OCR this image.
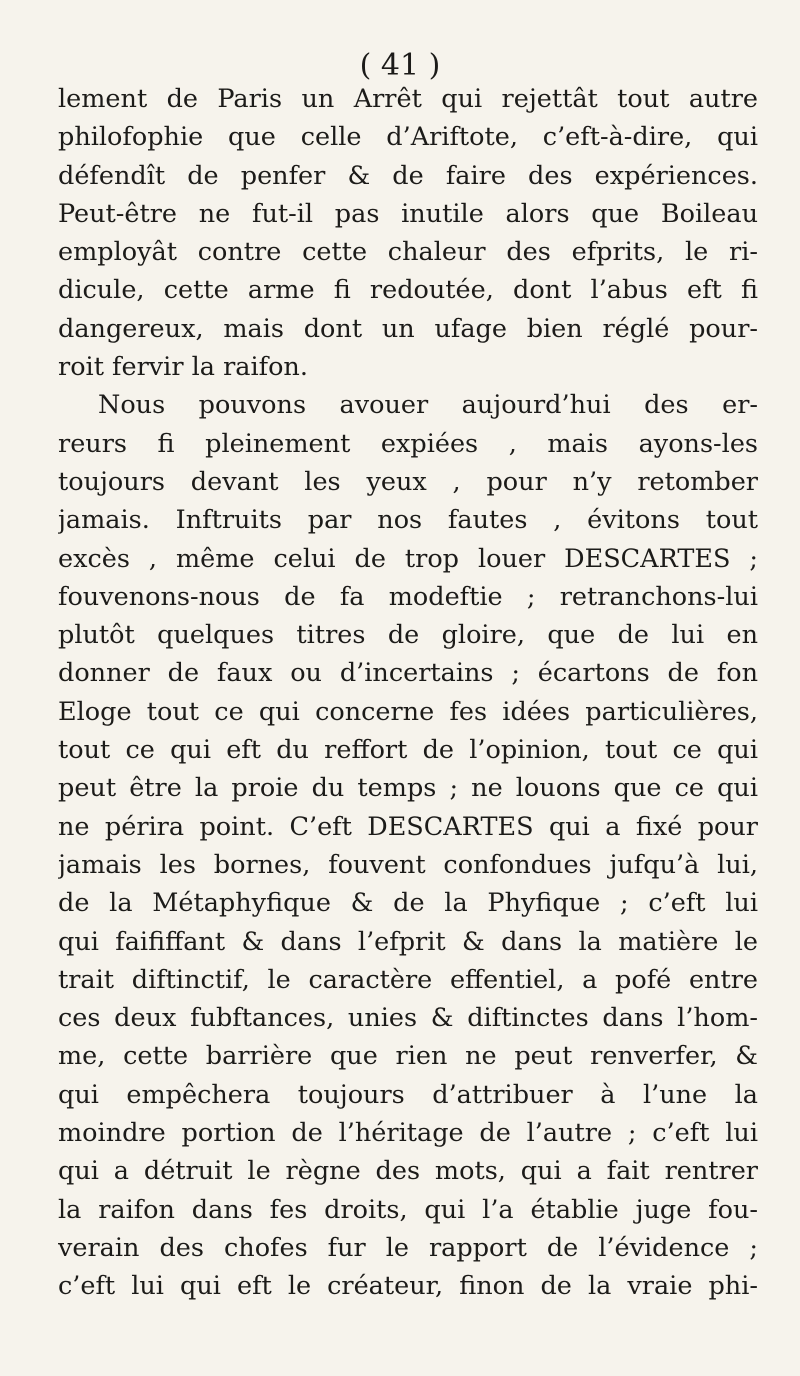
( 41 )
lement de Paris un Arrêt qui rejettât tout autre
philofophie que celle d’Ariftote, c’eft-à-dire, qui
défendît de penfer & de faire des expériences.
Peut-être ne fut-il pas inutile alors que Boileau
employât contre cette chaleur des efprits, le ri-
dicule, cette arme fi redoutée, dont l’abus eft fi
dangereux, mais dont un ufage bien réglé pour-
roit fervir la raifon.
Nous pouvons avouer aujourd’hui des er-
reurs fi pleinement expiées , mais ayons-les
toujours devant les yeux , pour n’y retomber
jamais. Inftruits par nos fautes , évitons tout
excès , même celui de trop louer DESCARTES ;
fouvenons-nous de fa modeftie ; retranchons-lui
plutôt quelques titres de gloire, que de lui en
donner de faux ou d’incertains ; écartons de fon
Eloge tout ce qui concerne fes idées particulières,
tout ce qui eft du reffort de l’opinion, tout ce qui
peut être la proie du temps ; ne louons que ce qui
ne périra point. C’eft DESCARTES qui a fixé pour
jamais les bornes, fouvent confondues jufqu’à lui,
de la Métaphyfique & de la Phyfique ; c’eft lui
qui faififfant & dans l’efprit & dans la matière le
trait diftinctif, le caractère effentiel, a pofé entre
ces deux fubftances, unies & diftinctes dans l’hom-
me, cette barrière que rien ne peut renverfer, &
qui empêchera toujours d’attribuer à l’une la
moindre portion de l’héritage de l’autre ; c’eft lui
qui a détruit le règne des mots, qui a fait rentrer
la raifon dans fes droits, qui l’a établie juge fou-
verain des chofes fur le rapport de l’évidence ;
c’eft lui qui eft le créateur, finon de la vraie phi-
